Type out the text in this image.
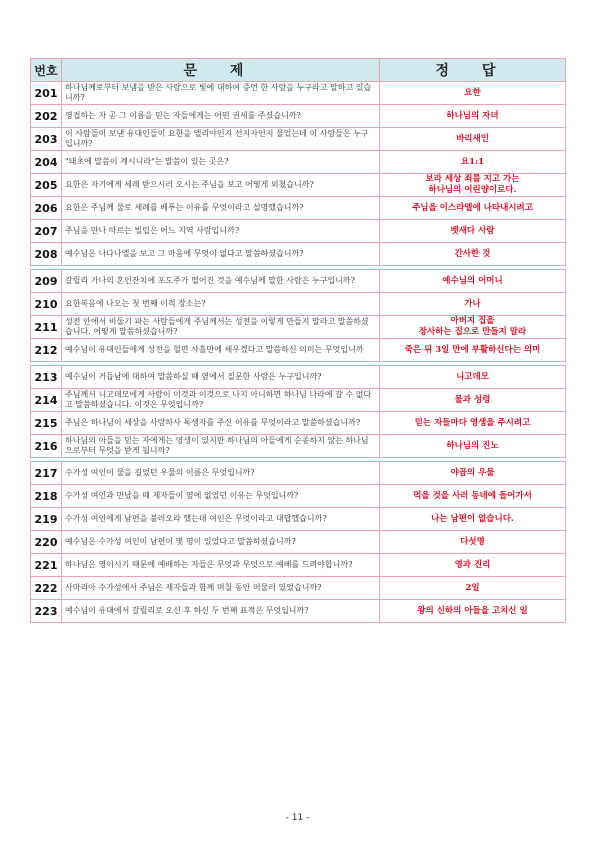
번호	문 제	정 답
201	하나님께로부터 보냄을 받은 사람으로 빛에 대하여 증언 한 사람을 누구라고 말하고 있습니까?	요한
202	영접하는 자 곧 그 이름을 믿는 자들에게는 어떤 권세를 주셨습니까?	하나님의 자녀
203	이 사람들이 보낸 유대인들이 요한을 엘리야인지 선지자인지 물었는데 이 사람들은 누구입니까?	바리새인
204	"태초에 말씀이 계시니라"는 말씀이 있는 곳은?	요1:1
205	요한은 자기에게 세례 받으시러 오시는 주님을 보고 어떻게 외쳤습니까?	보라 세상 죄를 지고 가는
하나님의 어린양이로다.
206	요한은 주님께 물로 세례를 베푸는 이유를 무엇이라고 설명했습니까?	주님을 이스라엘에 나타내시려고
207	주님을 만나 따르는 빌립은 어느 지역 사람입니까?	벳새다 사람
208	예수님은 나다나엘을 보고 그 마음에 무엇이 없다고 말씀하셨습니까?	간사한 것

209	갈릴리 가나의 혼인잔치에 포도주가 떨어진 것을 예수님께 말한 사람은 누구입니까?	예수님의 어머니
210	요한복음에 나오는 첫 번째 이적 장소는?	가나
211	성전 안에서 비둘기 파는 사람들에게 주님께서는 성전을 이렇게 만들지 말라고 말씀하셨습니다. 어떻게 말씀하셨습니까?	아버지 집을
장사하는 집으로 만들지 말라
212	예수님이 유대인들에게 성전을 헐면 사흘만에 세우겠다고 말씀하신 의미는 무엇입니까	죽은 뒤 3일 만에 부활하신다는 의미

213	예수님이 거듭남에 대하여 말씀하실 때 옆에서 질문한 사람은 누구입니까?	니고데모
214	주님께서 니고데모에게 사람이 이것과 이것으로 나지 아니하면 하나님 나라에 갈 수 없다고 말씀하셨습니다. 이것은 무엇입니까?	물과 성령
215	주님은 하나님이 세상을 사랑하사 독생자를 주신 이유를 무엇이라고 말씀하셨습니까?	믿는 자들마다 영생을 주시려고
216	하나님의 아들을 믿는 자에게는 영생이 있지만 하나님의 아들에게 순종하지 않는 하나님으로부터 무엇을 받게 됩니까?	하나님의 진노

217	수가성 여인이 물을 길었던 우물의 이름은 무엇입니까?	야곱의 우물
218	수가성 여인과 만났을 때 제자들이 옆에 없었던 이유는 무엇입니까?	먹을 것을 사러 동네에 들어가서
219	수가성 여인에게 남편을 불러오라 했는데 여인은 무엇이라고 대답했습니까?	나는 남편이 없습니다.
220	예수님은 수가성 여인이 남편이 몇 명이 있었다고 말씀하셨습니까?	다섯명
221	하나님은 영이시기 때문에 예배하는 자들은 무엇과 무엇으로 예배를 드려야합니까?	영과 진리
222	사마리아 수가성에서 주님은 제자들과 함께 며칠 동안 머물러 있었습니까?	2일
223	예수님이 유대에서 갈릴리로 오신 후 하신 두 번째 표적은 무엇입니까?	왕의 신하의 아들을 고치신 일
- 11 -
